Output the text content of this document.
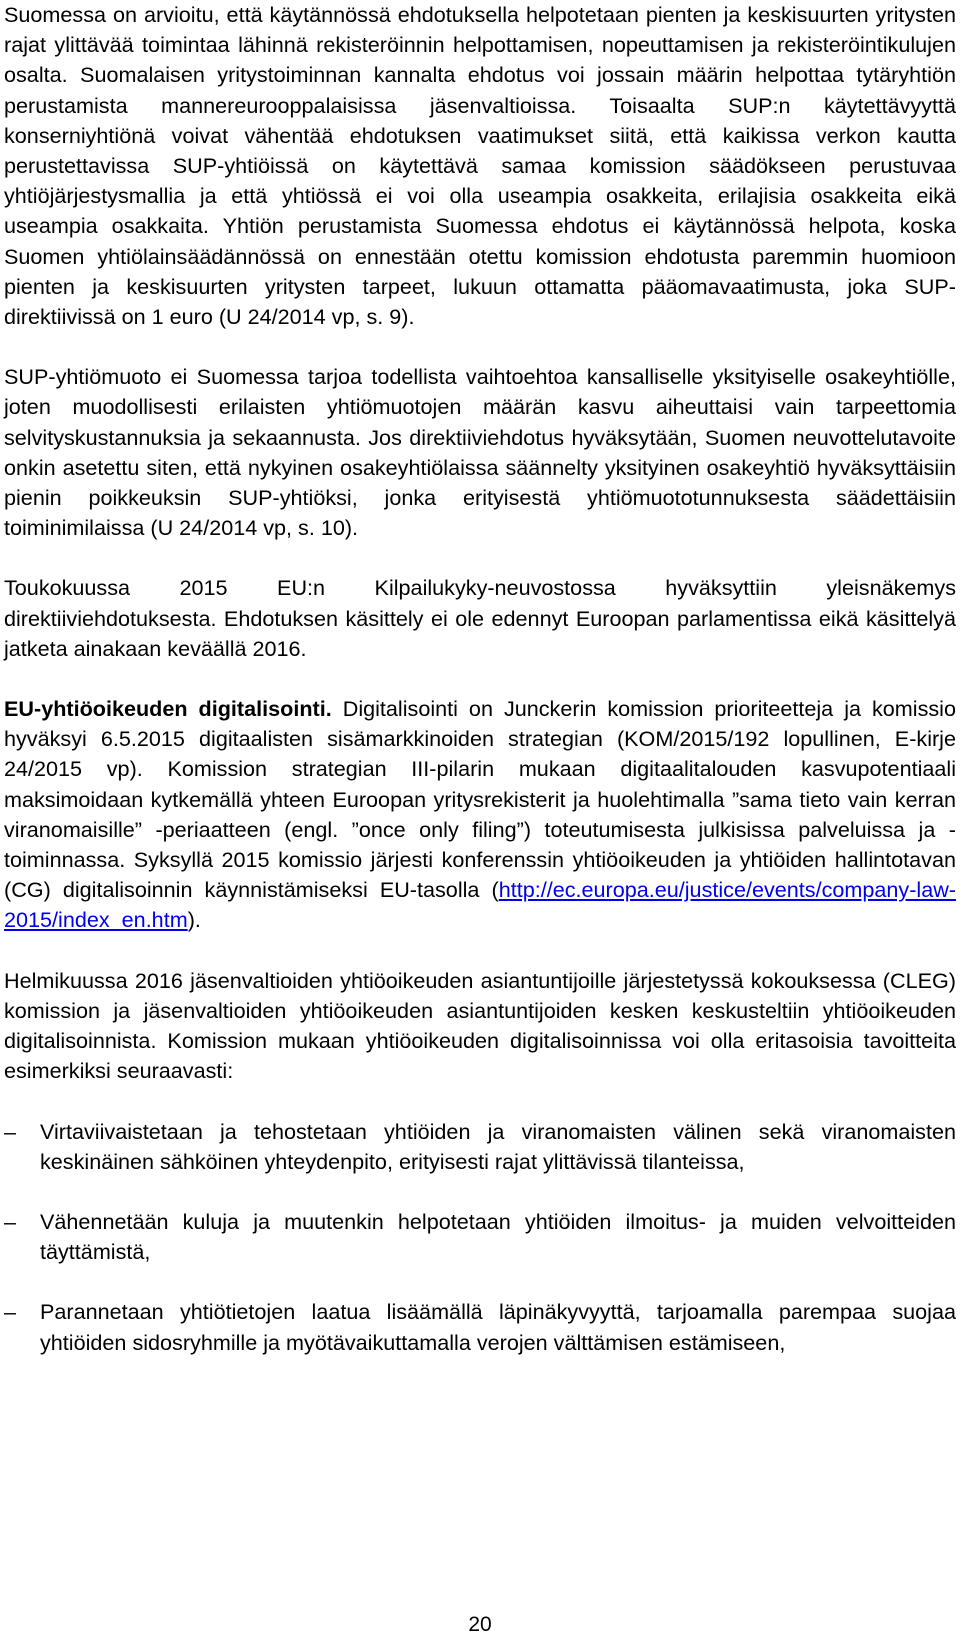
Suomessa on arvioitu, että käytännössä ehdotuksella helpotetaan pienten ja keskisuurten yritysten rajat ylittävää toimintaa lähinnä rekisteröinnin helpottamisen, nopeuttamisen ja rekisteröintikulujen osalta. Suomalaisen yritystoiminnan kannalta ehdotus voi jossain määrin helpottaa tytäryhtiön perustamista mannereurooppalaisissa jäsenvaltioissa. Toisaalta SUP:n käytettävyyttä konserniyhtiönä voivat vähentää ehdotuksen vaatimukset siitä, että kaikissa verkon kautta perustettavissa SUP-yhtiöissä on käytettävä samaa komission säädökseen perustuvaa yhtiöjärjestysmallia ja että yhtiössä ei voi olla useampia osakkeita, erilajisia osakkeita eikä useampia osakkaita. Yhtiön perustamista Suomessa ehdotus ei käytännössä helpota, koska Suomen yhtiölainsäädännössä on ennestään otettu komission ehdotusta paremmin huomioon pienten ja keskisuurten yritysten tarpeet, lukuun ottamatta pääomavaatimusta, joka SUP-direktiivissä on 1 euro (U 24/2014 vp, s. 9).

SUP-yhtiömuoto ei Suomessa tarjoa todellista vaihtoehtoa kansalliselle yksityiselle osakeyhtiölle, joten muodollisesti erilaisten yhtiömuotojen määrän kasvu aiheuttaisi vain tarpeettomia selvityskustannuksia ja sekaannusta. Jos direktiiviehdotus hyväksytään, Suomen neuvottelutavoite onkin asetettu siten, että nykyinen osakeyhtiölaissa säännelty yksityinen osakeyhtiö hyväksyttäisiin pienin poikkeuksin SUP-yhtiöksi, jonka erityisestä yhtiömuototunnuksesta säädettäisiin toiminimilaissa (U 24/2014 vp, s. 10).

Toukokuussa 2015 EU:n Kilpailukyky-neuvostossa hyväksyttiin yleisnäkemys direktiiviehdotuksesta. Ehdotuksen käsittely ei ole edennyt Euroopan parlamentissa eikä käsittelyä jatketa ainakaan keväällä 2016.

EU-yhtiöoikeuden digitalisointi. Digitalisointi on Junckerin komission prioriteetteja ja komissio hyväksyi 6.5.2015 digitaalisten sisämarkkinoiden strategian (KOM/2015/192 lopullinen, E-kirje 24/2015 vp). Komission strategian III-pilarin mukaan digitaalitalouden kasvupotentiaali maksimoidaan kytkemällä yhteen Euroopan yritysrekisterit ja huolehtimalla ”sama tieto vain kerran viranomaisille” -periaatteen (engl. ”once only filing”) toteutumisesta julkisissa palveluissa ja -toiminnassa. Syksyllä 2015 komissio järjesti konferenssin yhtiöoikeuden ja yhtiöiden hallintotavan (CG) digitalisoinnin käynnistämiseksi EU-tasolla (http://ec.europa.eu/justice/events/company-law-2015/index_en.htm).

Helmikuussa 2016 jäsenvaltioiden yhtiöoikeuden asiantuntijoille järjestetyssä kokouksessa (CLEG) komission ja jäsenvaltioiden yhtiöoikeuden asiantuntijoiden kesken keskusteltiin yhtiöoikeuden digitalisoinnista. Komission mukaan yhtiöoikeuden digitalisoinnissa voi olla eritasoisia tavoitteita esimerkiksi seuraavasti:

– Virtaviivaistetaan ja tehostetaan yhtiöiden ja viranomaisten välinen sekä viranomaisten keskinäinen sähköinen yhteydenpito, erityisesti rajat ylittävissä tilanteissa,
– Vähennetään kuluja ja muutenkin helpotetaan yhtiöiden ilmoitus- ja muiden velvoitteiden täyttämistä,
– Parannetaan yhtiötietojen laatua lisäämällä läpinäkyvyyttä, tarjoamalla parempaa suojaa yhtiöiden sidosryhmille ja myötävaikuttamalla verojen välttämisen estämiseen,
20
